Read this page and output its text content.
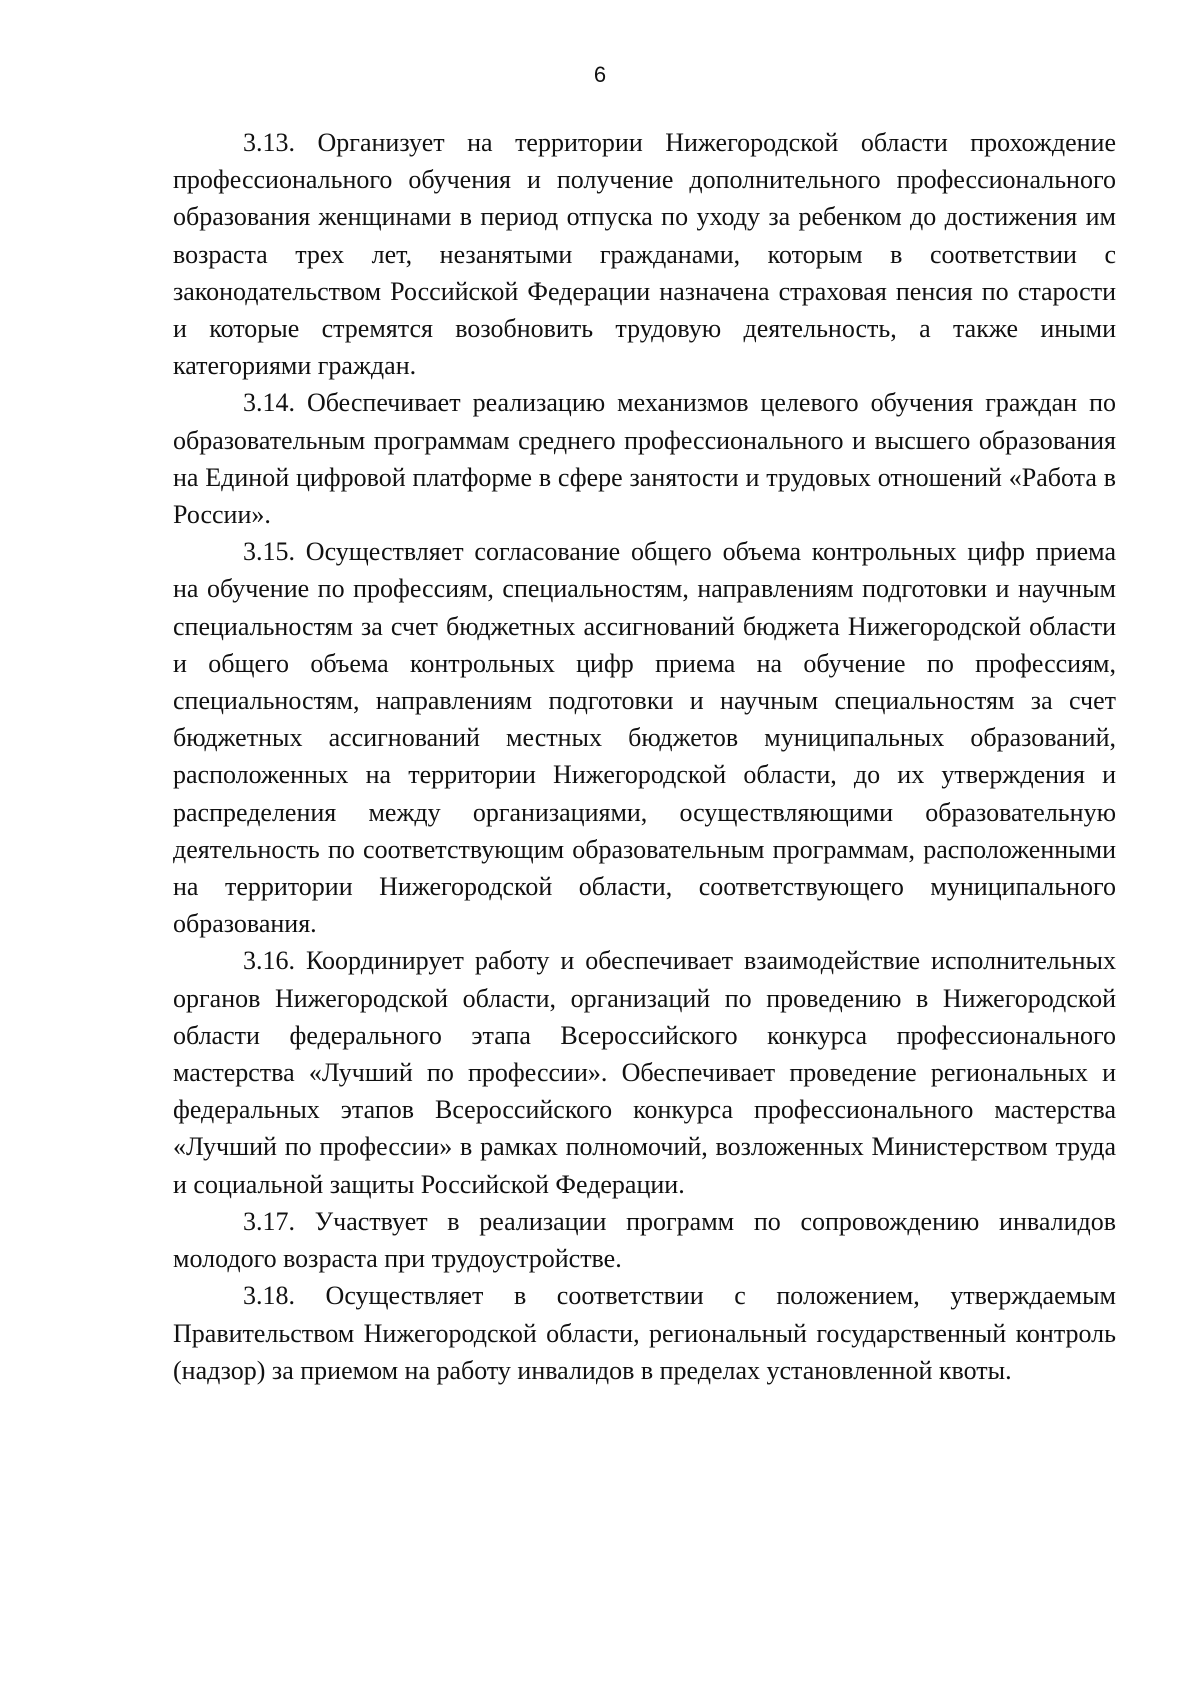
6

3.13. Организует на территории Нижегородской области прохождение профессионального обучения и получение дополнительного профессионального образования женщинами в период отпуска по уходу за ребенком до достижения им возраста трех лет, незанятыми гражданами, которым в соответствии с законодательством Российской Федерации назначена страховая пенсия по старости и которые стремятся возобновить трудовую деятельность, а также иными категориями граждан.

3.14. Обеспечивает реализацию механизмов целевого обучения граждан по образовательным программам среднего профессионального и высшего образования на Единой цифровой платформе в сфере занятости и трудовых отношений «Работа в России».

3.15. Осуществляет согласование общего объема контрольных цифр приема на обучение по профессиям, специальностям, направлениям подготовки и научным специальностям за счет бюджетных ассигнований бюджета Нижегородской области и общего объема контрольных цифр приема на обучение по профессиям, специальностям, направлениям подготовки и научным специальностям за счет бюджетных ассигнований местных бюджетов муниципальных образований, расположенных на территории Нижегородской области, до их утверждения и распределения между организациями, осуществляющими образовательную деятельность по соответствующим образовательным программам, расположенными на территории Нижегородской области, соответствующего муниципального образования.

3.16. Координирует работу и обеспечивает взаимодействие исполнительных органов Нижегородской области, организаций по проведению в Нижегородской области федерального этапа Всероссийского конкурса профессионального мастерства «Лучший по профессии». Обеспечивает проведение региональных и федеральных этапов Всероссийского конкурса профессионального мастерства «Лучший по профессии» в рамках полномочий, возложенных Министерством труда и социальной защиты Российской Федерации.

3.17. Участвует в реализации программ по сопровождению инвалидов молодого возраста при трудоустройстве.

3.18. Осуществляет в соответствии с положением, утверждаемым Правительством Нижегородской области, региональный государственный контроль (надзор) за приемом на работу инвалидов в пределах установленной квоты.
